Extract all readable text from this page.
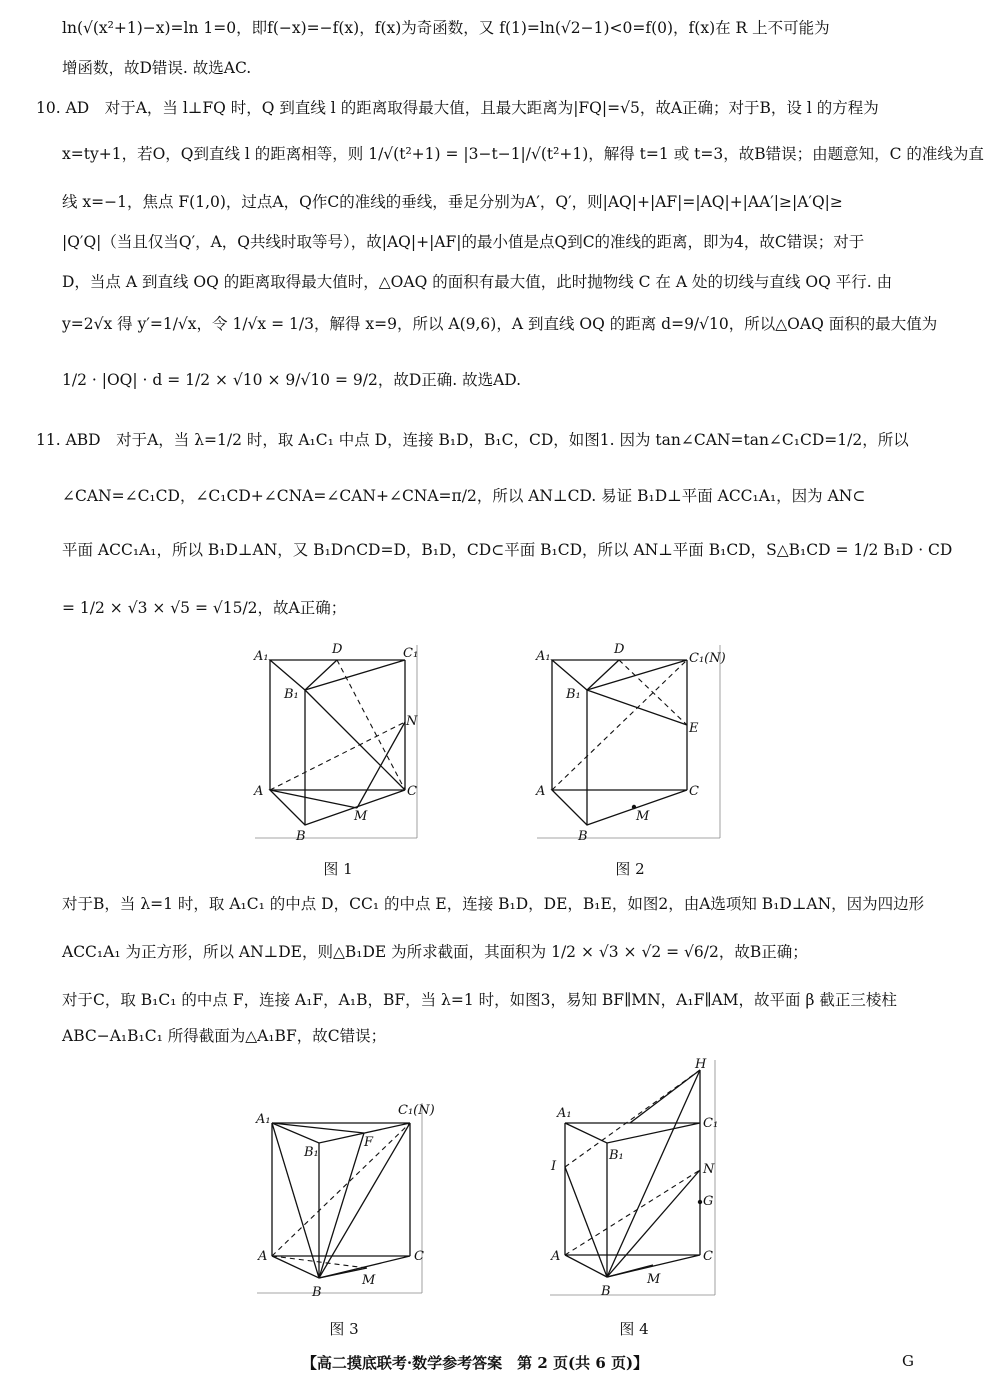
ln(√(x²+1)−x)=ln 1=0，即f(−x)=−f(x)，f(x)为奇函数，又 f(1)=ln(√2−1)<0=f(0)，f(x)在 R 上不可能为
增函数，故D错误. 故选AC.
10. AD　对于A，当 l⊥FQ 时，Q 到直线 l 的距离取得最大值，且最大距离为|FQ|=√5，故A正确；对于B，设 l 的方程为
x=ty+1，若O，Q到直线 l 的距离相等，则 1/√(t²+1) = |3−t−1|/√(t²+1)，解得 t=1 或 t=3，故B错误；由题意知，C 的准线为直
线 x=−1，焦点 F(1,0)，过点A，Q作C的准线的垂线，垂足分别为A′，Q′，则|AQ|+|AF|=|AQ|+|AA′|≥|A′Q|≥
|Q′Q|（当且仅当Q′，A，Q共线时取等号），故|AQ|+|AF|的最小值是点Q到C的准线的距离，即为4，故C错误；对于
D，当点 A 到直线 OQ 的距离取得最大值时，△OAQ 的面积有最大值，此时抛物线 C 在 A 处的切线与直线 OQ 平行. 由
y=2√x 得 y′=1/√x，令 1/√x = 1/3，解得 x=9，所以 A(9,6)，A 到直线 OQ 的距离 d=9/√10，所以△OAQ 面积的最大值为
1/2 · |OQ| · d = 1/2 × √10 × 9/√10 = 9/2，故D正确. 故选AD.
11. ABD　对于A，当 λ=1/2 时，取 A₁C₁ 中点 D，连接 B₁D，B₁C，CD，如图1. 因为 tan∠CAN=tan∠C₁CD=1/2，所以
∠CAN=∠C₁CD，∠C₁CD+∠CNA=∠CAN+∠CNA=π/2，所以 AN⊥CD. 易证 B₁D⊥平面 ACC₁A₁，因为 AN⊂
平面 ACC₁A₁，所以 B₁D⊥AN，又 B₁D∩CD=D，B₁D，CD⊂平面 B₁CD，所以 AN⊥平面 B₁CD，S△B₁CD = 1/2 B₁D · CD
= 1/2 × √3 × √5 = √15/2，故A正确；
A₁	D	C₁
B₁
N
A	C
M
B
图 1
A₁	D
C₁(N)
B₁
E
A	C
M
B
图 2
对于B，当 λ=1 时，取 A₁C₁ 的中点 D，CC₁ 的中点 E，连接 B₁D，DE，B₁E，如图2，由A选项知 B₁D⊥AN，因为四边形
ACC₁A₁ 为正方形，所以 AN⊥DE，则△B₁DE 为所求截面，其面积为 1/2 × √3 × √2 = √6/2，故B正确；
对于C，取 B₁C₁ 的中点 F，连接 A₁F，A₁B，BF，当 λ=1 时，如图3，易知 BF∥MN，A₁F∥AM，故平面 β 截正三棱柱
ABC−A₁B₁C₁ 所得截面为△A₁BF，故C错误；
A₁
C₁(N)
B₁
F
A	C
M
B
图 3
H
A₁
C₁
B₁
I	N
G
A	C
M
B
图 4
【高二摸底联考·数学参考答案　第 2 页(共 6 页)】	G
